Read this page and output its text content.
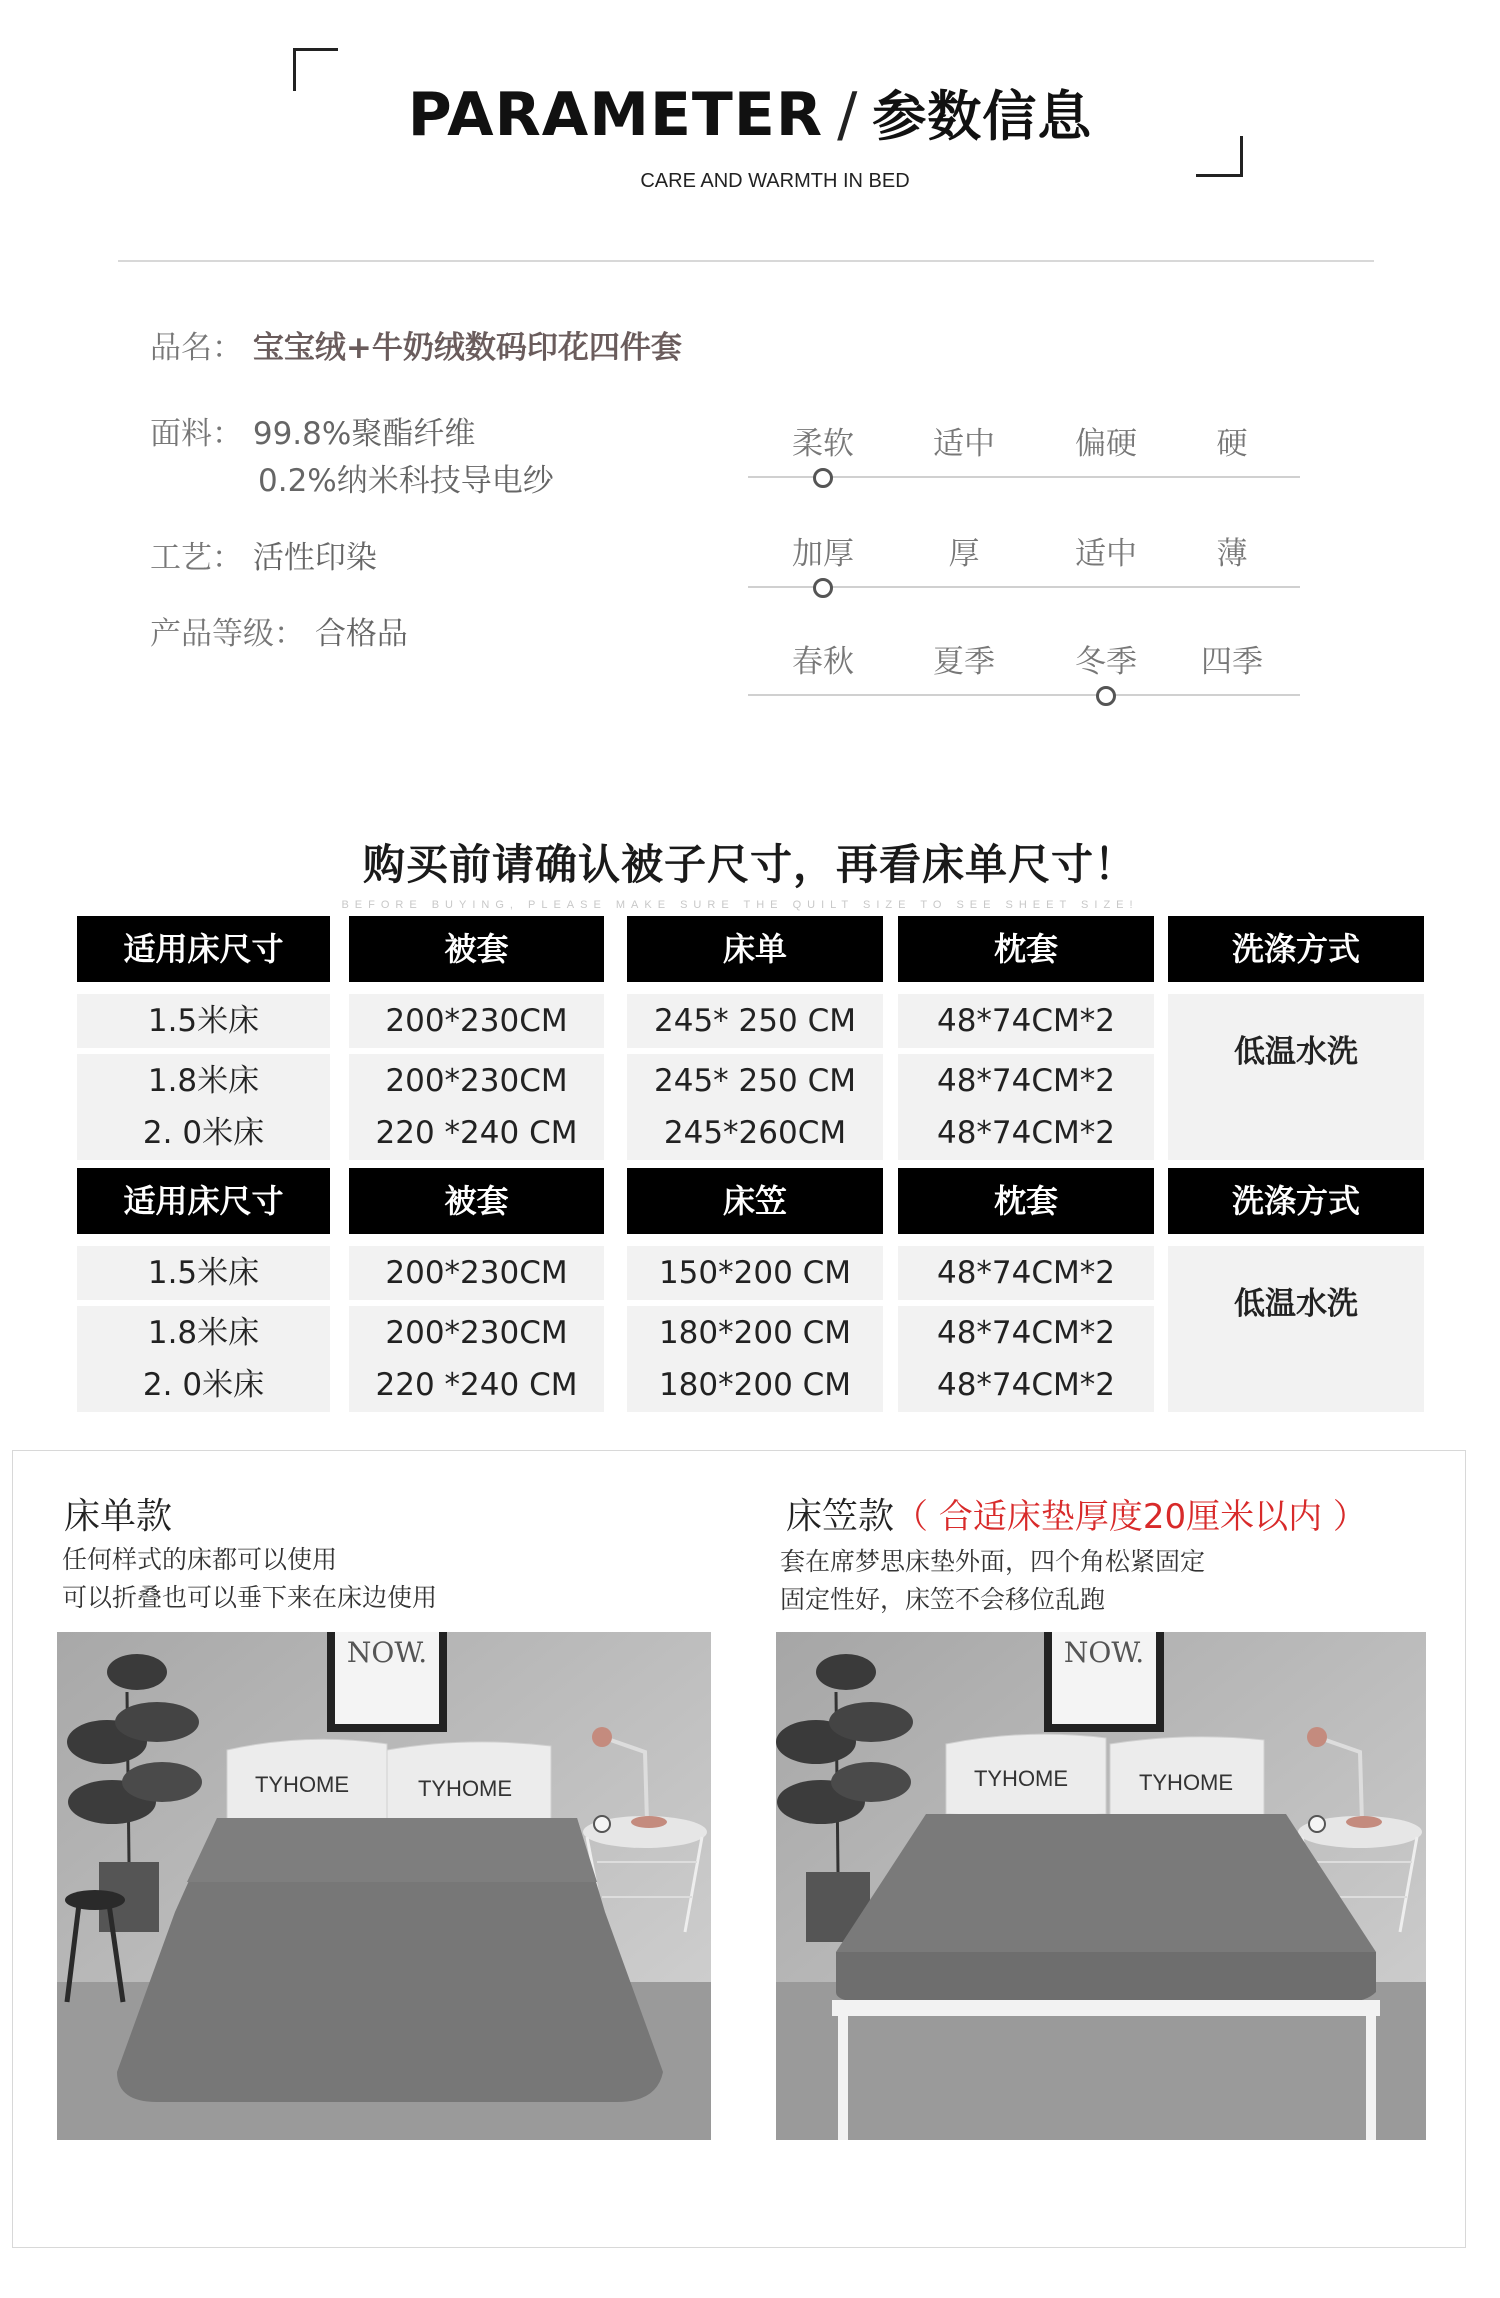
PARAMETER / 参数信息
CARE AND WARMTH IN BED
品名： 宝宝绒+牛奶绒数码印花四件套
面料： 99.8%聚酯纤维
0.2%纳米科技导电纱
工艺： 活性印染
产品等级： 合格品
柔软	适中	偏硬	硬
加厚	厚	适中	薄
春秋	夏季	冬季	四季
购买前请确认被子尺寸，再看床单尺寸！
BEFORE BUYING, PLEASE MAKE SURE THE QUILT SIZE TO SEE SHEET SIZE!
适用床尺寸	被套	床单	枕套	洗涤方式
1.5米床	200*230CM	245* 250 CM	48*74CM*2
1.8米床	200*230CM	245* 250 CM	48*74CM*2
2. 0米床	220 *240 CM	245*260CM	48*74CM*2
低温水洗
适用床尺寸	被套	床笠	枕套	洗涤方式
1.5米床	200*230CM	150*200 CM	48*74CM*2
1.8米床	200*230CM	180*200 CM	48*74CM*2
2. 0米床	220 *240 CM	180*200 CM	48*74CM*2
低温水洗
床单款
任何样式的床都可以使用
可以折叠也可以垂下来在床边使用
床笠款（ 合适床垫厚度20厘米以内 ）
套在席梦思床垫外面，四个角松紧固定
固定性好，床笠不会移位乱跑
NOW.
TYHOME	TYHOME
NOW.
TYHOME	TYHOME
